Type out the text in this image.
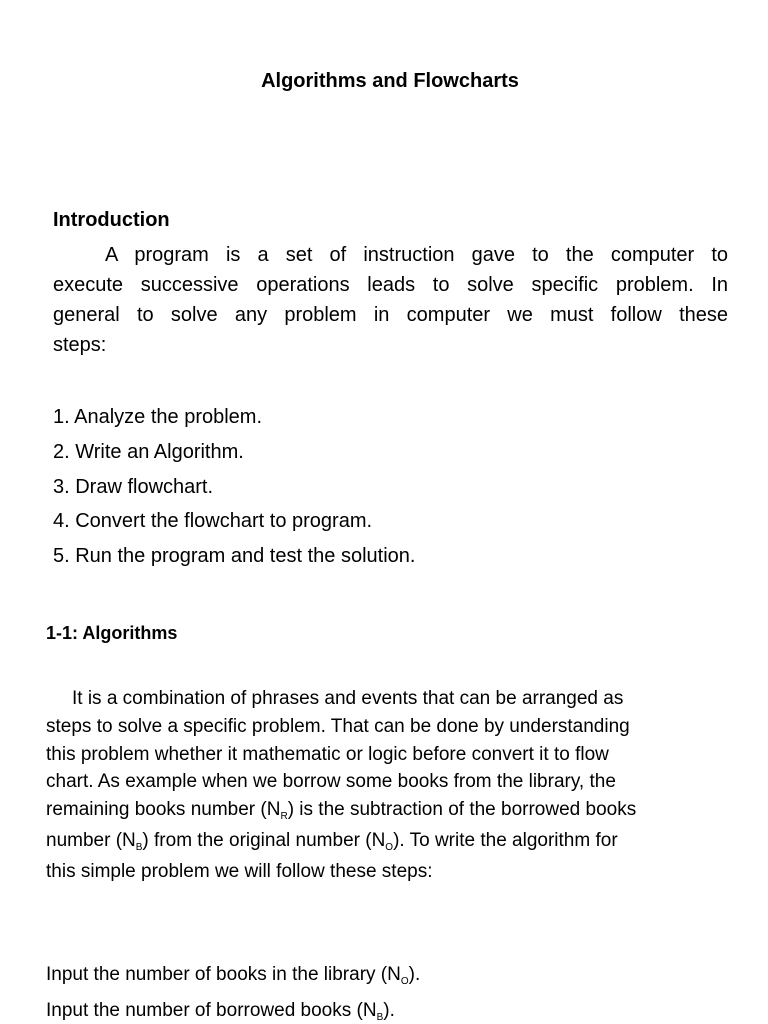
Algorithms and Flowcharts
Introduction
A program is a set of instruction gave to the computer to
execute successive operations leads to solve specific problem. In
general to solve any problem in computer we must follow these
steps:
1. Analyze the problem.
2. Write an Algorithm.
3. Draw flowchart.
4. Convert the flowchart to program.
5. Run the program and test the solution.
1-1: Algorithms
It is a combination of phrases and events that can be arranged as
steps to solve a specific problem. That can be done by understanding
this problem whether it mathematic or logic before convert it to flow
chart. As example when we borrow some books from the library, the
remaining books number $(N_R)$ is the subtraction of the borrowed books
number $(N_B)$ from the original number $(N_O)$. To write the algorithm for
this simple problem we will follow these steps:
Input the number of books in the library $(N_O)$.
Input the number of borrowed books $(N_B)$.
